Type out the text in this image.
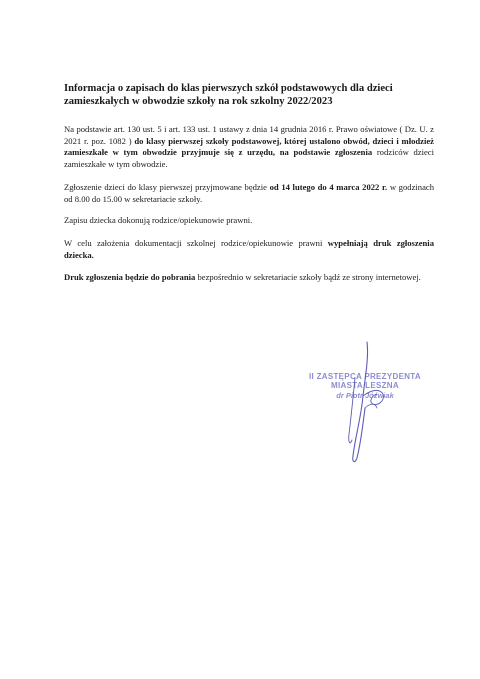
Informacja o zapisach do klas pierwszych szkół podstawowych dla dzieci
zamieszkałych w obwodzie szkoły na rok szkolny 2022/2023

Na podstawie art. 130 ust. 5 i art. 133 ust. 1 ustawy z dnia 14 grudnia 2016 r. Prawo oświatowe ( Dz. U. z 2021 r. poz. 1082 ) do klasy pierwszej szkoły podstawowej, której ustalono obwód, dzieci i młodzież zamieszkałe w tym obwodzie przyjmuje się z urzędu, na podstawie zgłoszenia rodziców dzieci zamieszkałe w tym obwodzie.

Zgłoszenie dzieci do klasy pierwszej przyjmowane będzie od 14 lutego do 4 marca 2022 r. w godzinach od 8.00 do 15.00 w sekretariacie szkoły.

Zapisu dziecka dokonują rodzice/opiekunowie prawni.

W celu założenia dokumentacji szkolnej rodzice/opiekunowie prawni wypełniają druk zgłoszenia dziecka.

Druk zgłoszenia będzie do pobrania bezpośrednio w sekretariacie szkoły bądź ze strony internetowej.

II ZASTĘPCA PREZYDENTA
MIASTA LESZNA
dr Piotr Jóźwiak
